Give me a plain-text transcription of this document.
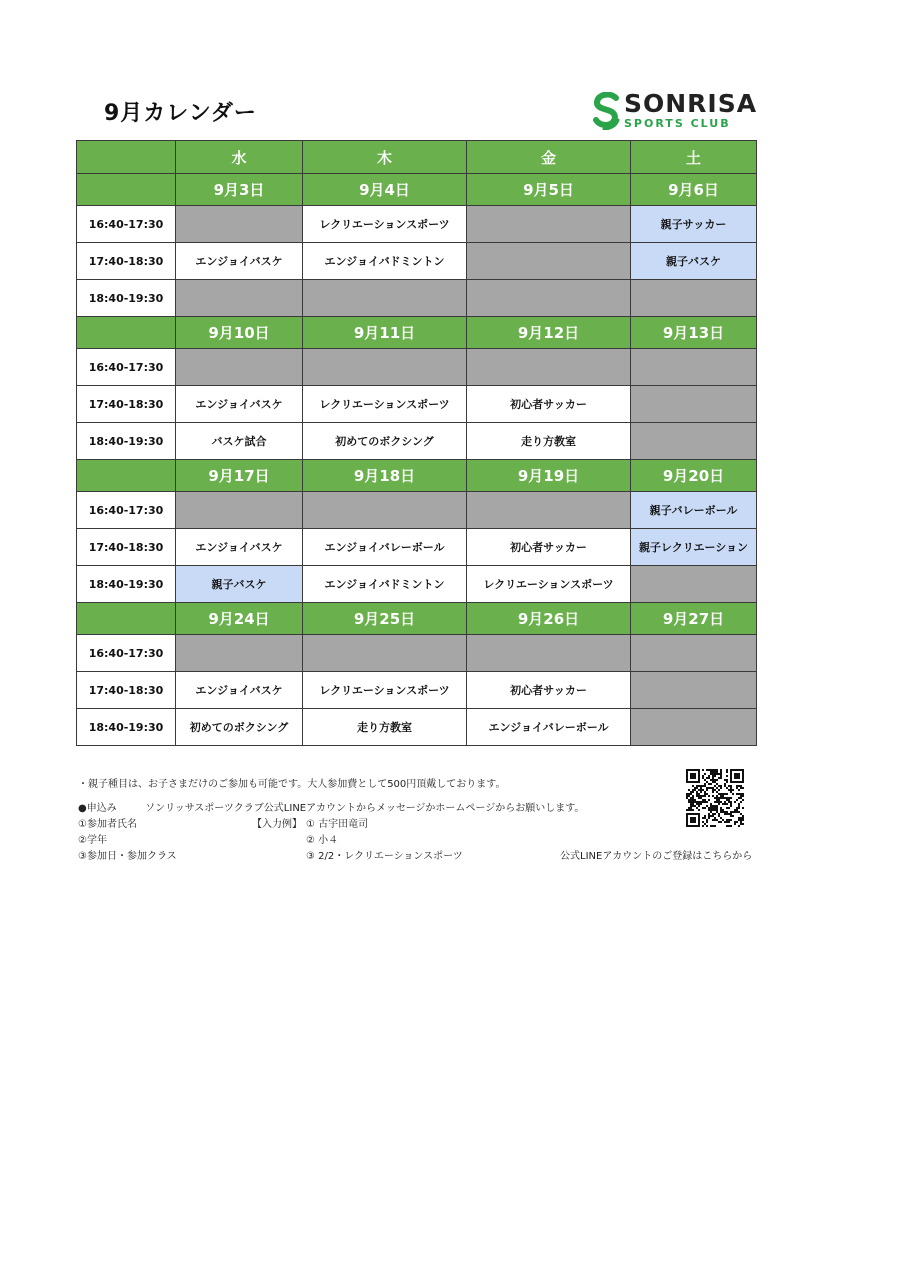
9月カレンダー	SONRISA
SPORTS CLUB
	水	木	金	土
	9月3日	9月4日	9月5日	9月6日
16:40-17:30		レクリエーションスポーツ		親子サッカー
17:40-18:30	エンジョイバスケ	エンジョイバドミントン		親子バスケ
18:40-19:30				
	9月10日	9月11日	9月12日	9月13日
16:40-17:30				
17:40-18:30	エンジョイバスケ	レクリエーションスポーツ	初心者サッカー	
18:40-19:30	バスケ試合	初めてのボクシング	走り方教室	
	9月17日	9月18日	9月19日	9月20日
16:40-17:30				親子バレーボール
17:40-18:30	エンジョイバスケ	エンジョイバレーボール	初心者サッカー	親子レクリエーション
18:40-19:30	親子バスケ	エンジョイバドミントン	レクリエーションスポーツ	
	9月24日	9月25日	9月26日	9月27日
16:40-17:30				
17:40-18:30	エンジョイバスケ	レクリエーションスポーツ	初心者サッカー	
18:40-19:30	初めてのボクシング	走り方教室	エンジョイバレーボール	
・親子種目は、お子さまだけのご参加も可能です。大人参加費として500円頂戴しております。
●申込み	ソンリッサスポーツクラブ公式LINEアカウントからメッセージかホームページからお願いします。
①参加者氏名
②学年
③参加日・参加クラス
【入力例】 ① 古宇田竜司
② 小４
③ 2/2・レクリエーションスポーツ	公式LINEアカウントのご登録はこちらから
